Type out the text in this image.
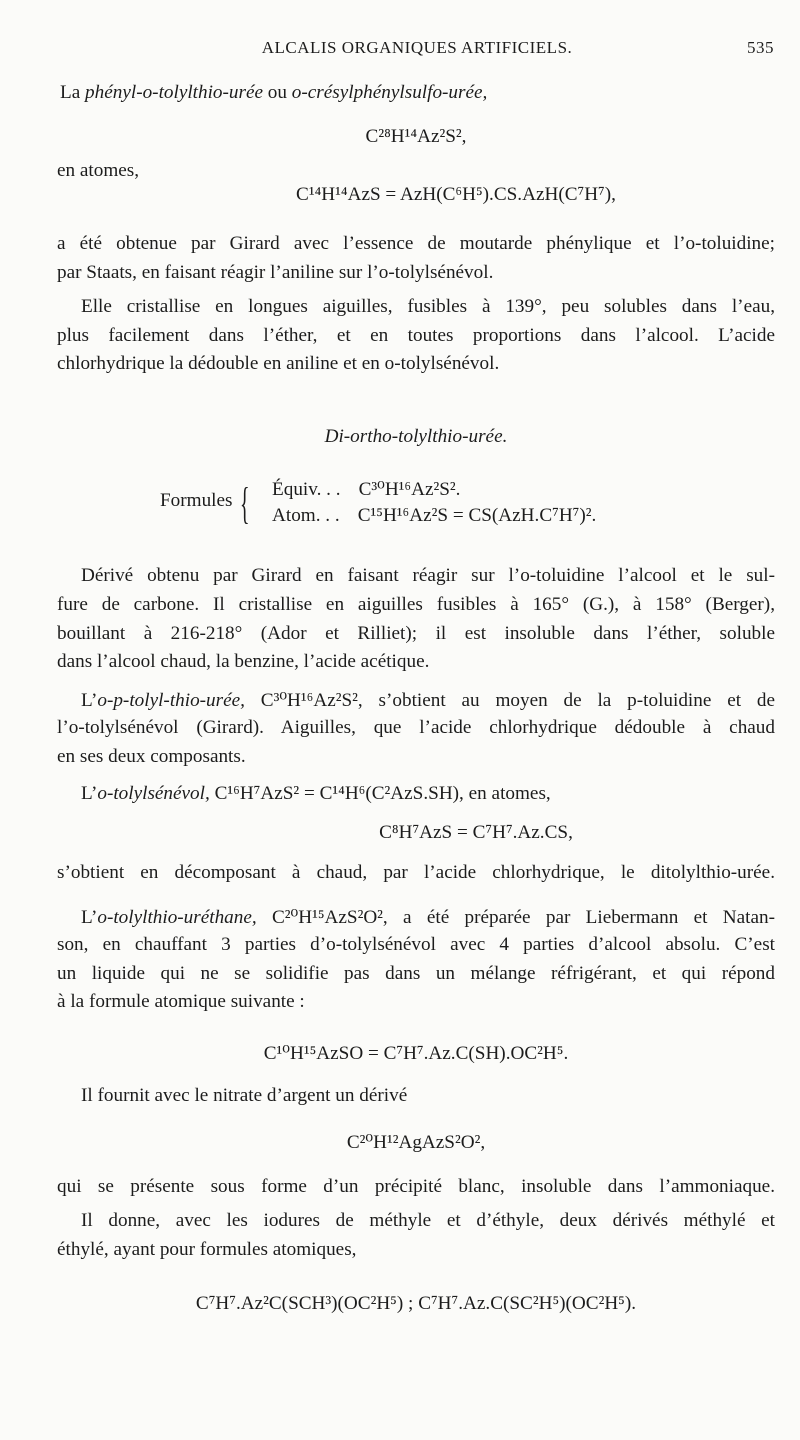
ALCALIS ORGANIQUES ARTIFICIELS.	535
La phényl-o-tolylthio-urée ou o-crésylphénylsulfo-urée,
C²⁸H¹⁴Az²S²,
en atomes,
C¹⁴H¹⁴AzS = AzH(C⁶H⁵).CS.AzH(C⁷H⁷),
a été obtenue par Girard avec l’essence de moutarde phénylique et l’o-toluidine;
par Staats, en faisant réagir l’aniline sur l’o-tolylsénévol.
Elle cristallise en longues aiguilles, fusibles à 139°, peu solubles dans l’eau,
plus facilement dans l’éther, et en toutes proportions dans l’alcool. L’acide
chlorhydrique la dédouble en aniline et en o-tolylsénévol.
Di-ortho-tolylthio-urée.
Formules { Équiv. . . C³⁰H¹⁶Az²S².
Atom. . . C¹⁵H¹⁶Az²S = CS(AzH.C⁷H⁷)².
Dérivé obtenu par Girard en faisant réagir sur l’o-toluidine l’alcool et le sul-
fure de carbone. Il cristallise en aiguilles fusibles à 165° (G.), à 158° (Berger),
bouillant à 216-218° (Ador et Rilliet); il est insoluble dans l’éther, soluble
dans l’alcool chaud, la benzine, l’acide acétique.
L’o-p-tolyl-thio-urée, C³⁰H¹⁶Az²S², s’obtient au moyen de la p-toluidine et de
l’o-tolylsénévol (Girard). Aiguilles, que l’acide chlorhydrique dédouble à chaud
en ses deux composants.
L’o-tolylsénévol, C¹⁶H⁷AzS² = C¹⁴H⁶(C²AzS.SH), en atomes,
C⁸H⁷AzS = C⁷H⁷.Az.CS,
s’obtient en décomposant à chaud, par l’acide chlorhydrique, le ditolylthio-urée.
L’o-tolylthio-uréthane, C²⁰H¹⁵AzS²O², a été préparée par Liebermann et Natan-
son, en chauffant 3 parties d’o-tolylsénévol avec 4 parties d’alcool absolu. C’est
un liquide qui ne se solidifie pas dans un mélange réfrigérant, et qui répond
à la formule atomique suivante :
C¹⁰H¹⁵AzSO = C⁷H⁷.Az.C(SH).OC²H⁵.
Il fournit avec le nitrate d’argent un dérivé
C²⁰H¹²AgAzS²O²,
qui se présente sous forme d’un précipité blanc, insoluble dans l’ammoniaque.
Il donne, avec les iodures de méthyle et d’éthyle, deux dérivés méthylé et
éthylé, ayant pour formules atomiques,
C⁷H⁷.Az²C(SCH³)(OC²H⁵) ; C⁷H⁷.Az.C(SC²H⁵)(OC²H⁵).
